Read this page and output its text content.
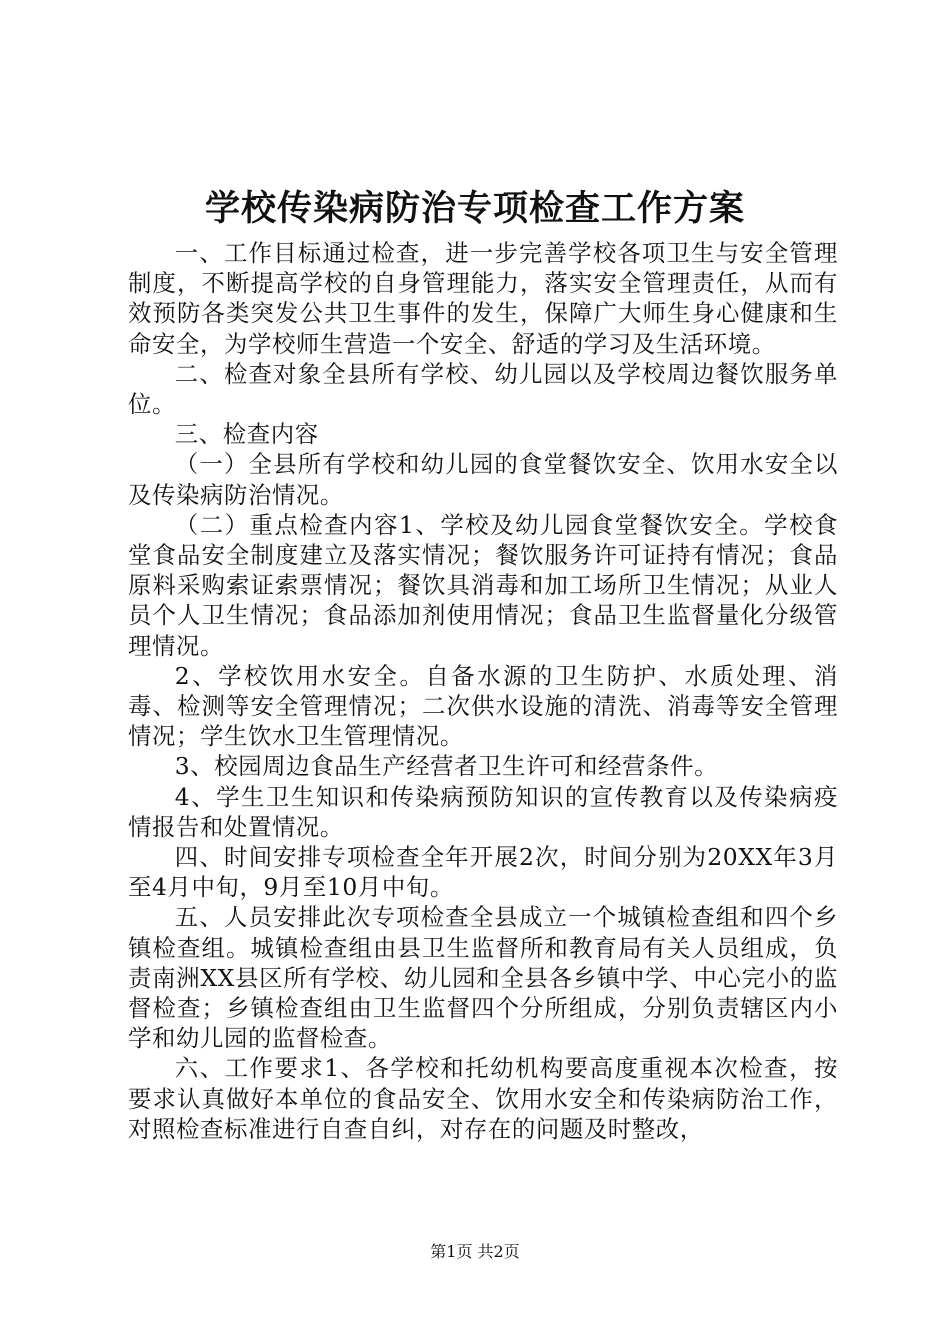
学校传染病防治专项检查工作方案

一、工作目标通过检查，进一步完善学校各项卫生与安全管理制度，不断提高学校的自身管理能力，落实安全管理责任，从而有效预防各类突发公共卫生事件的发生，保障广大师生身心健康和生命安全，为学校师生营造一个安全、舒适的学习及生活环境。

二、检查对象全县所有学校、幼儿园以及学校周边餐饮服务单位。

三、检查内容

（一）全县所有学校和幼儿园的食堂餐饮安全、饮用水安全以及传染病防治情况。

（二）重点检查内容1、学校及幼儿园食堂餐饮安全。学校食堂食品安全制度建立及落实情况；餐饮服务许可证持有情况；食品原料采购索证索票情况；餐饮具消毒和加工场所卫生情况；从业人员个人卫生情况；食品添加剂使用情况；食品卫生监督量化分级管理情况。

2、学校饮用水安全。自备水源的卫生防护、水质处理、消毒、检测等安全管理情况；二次供水设施的清洗、消毒等安全管理情况；学生饮水卫生管理情况。

3、校园周边食品生产经营者卫生许可和经营条件。

4、学生卫生知识和传染病预防知识的宣传教育以及传染病疫情报告和处置情况。

四、时间安排专项检查全年开展2次，时间分别为20XX年3月至4月中旬，9月至10月中旬。

五、人员安排此次专项检查全县成立一个城镇检查组和四个乡镇检查组。城镇检查组由县卫生监督所和教育局有关人员组成，负责南洲XX县区所有学校、幼儿园和全县各乡镇中学、中心完小的监督检查；乡镇检查组由卫生监督四个分所组成，分别负责辖区内小学和幼儿园的监督检查。

六、工作要求1、各学校和托幼机构要高度重视本次检查，按要求认真做好本单位的食品安全、饮用水安全和传染病防治工作，对照检查标准进行自查自纠，对存在的问题及时整改，

第1页 共2页
